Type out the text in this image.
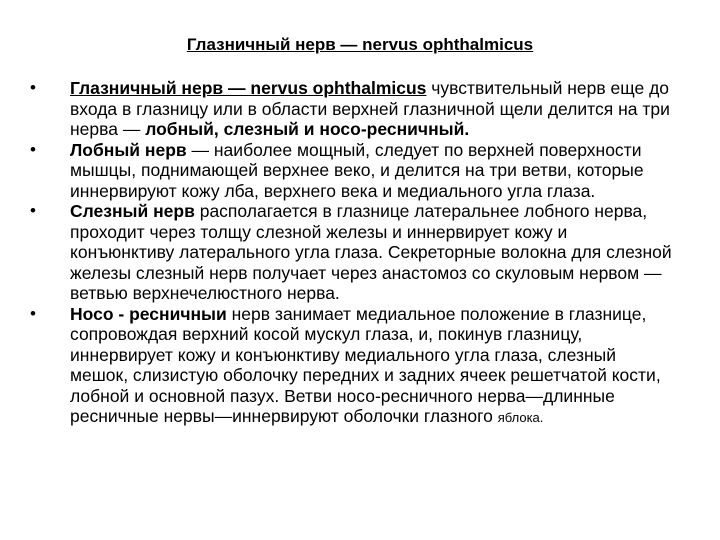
Глазничный нерв — nervus ophthalmicus
• Глазничный нерв — nervus ophthalmicus чувствительный нерв еще до входа в глазницу или в области верхней глазничной щели делится на три нерва — лобный, слезный и носо-ресничный.
• Лобный нерв — наиболее мощный, следует по верхней поверхности мышцы, поднимающей верхнее веко, и делится на три ветви, которые иннервируют кожу лба, верхнего века и медиального угла глаза.
• Слезный нерв располагается в глазнице латеральнее лобного нерва, проходит через толщу слезной железы и иннервирует кожу и конъюнктиву латерального угла глаза. Секреторные волокна для слезной железы слезный нерв получает через анастомоз со скуловым нервом — ветвью верхнечелюстного нерва.
• Носо - ресничныи нерв занимает медиальное положение в глазнице, сопровождая верхний косой мускул глаза, и, покинув глазницу, иннервирует кожу и конъюнктиву медиального угла глаза, слезный мешок, слизистую оболочку передних и задних ячеек решетчатой кости, лобной и основной пазух. Ветви носо-ресничного нерва—длинные ресничные нервы—иннервируют оболочки глазного яблока.
